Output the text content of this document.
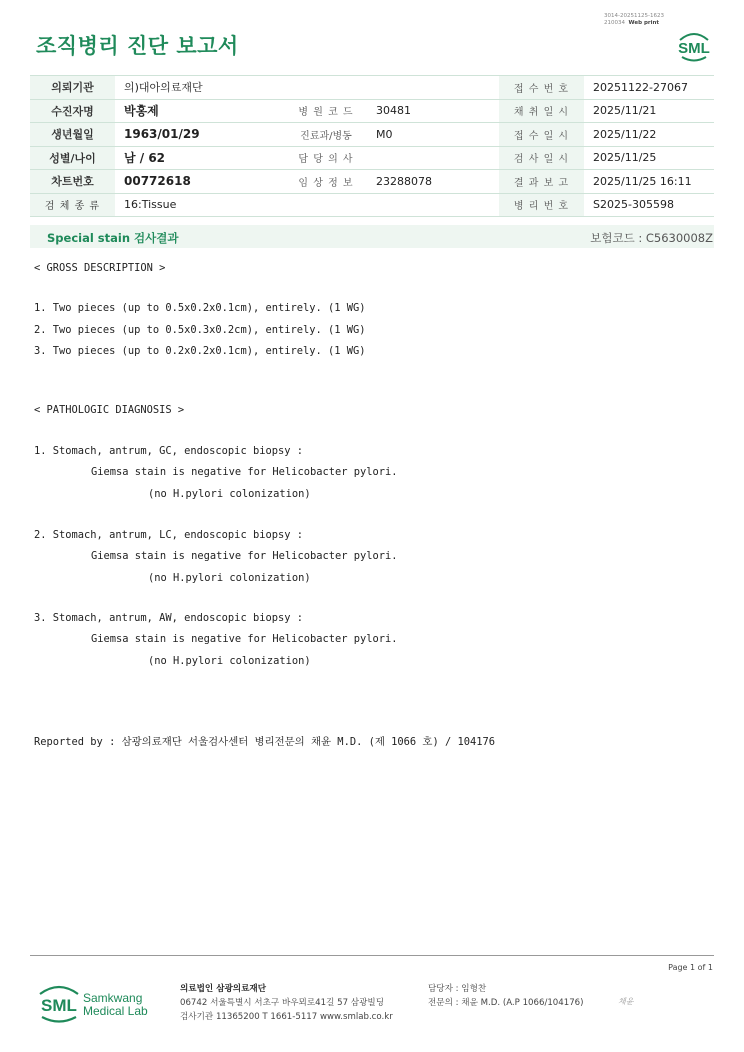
조직병리 진단 보고서
3014-20251125-1623
210034 Web print
SML
의뢰기관	의)대아의료재단			접 수 번 호	20251122-27067
수진자명	박홍제	병 원 코 드	30481	채 취 일 시	2025/11/21
생년월일	1963/01/29	진료과/병동	M0	접 수 일 시	2025/11/22
성별/나이	남 / 62	담 당 의 사		검 사 일 시	2025/11/25
차트번호	00772618	임 상 정 보	23288078	결 과 보 고	2025/11/25 16:11
검 체 종 류	16:Tissue			병 리 번 호	S2025-305598
Special stain 검사결과	보험코드 : C5630008Z
< GROSS DESCRIPTION >
1. Two pieces (up to 0.5x0.2x0.1cm), entirely. (1 WG)
2. Two pieces (up to 0.5x0.3x0.2cm), entirely. (1 WG)
3. Two pieces (up to 0.2x0.2x0.1cm), entirely. (1 WG)
< PATHOLOGIC DIAGNOSIS >
1. Stomach, antrum, GC, endoscopic biopsy :
Giemsa stain is negative for Helicobacter pylori.
(no H.pylori colonization)
2. Stomach, antrum, LC, endoscopic biopsy :
Giemsa stain is negative for Helicobacter pylori.
(no H.pylori colonization)
3. Stomach, antrum, AW, endoscopic biopsy :
Giemsa stain is negative for Helicobacter pylori.
(no H.pylori colonization)
Reported by : 삼광의료재단 서울검사센터 병리전문의 채윤 M.D. (제 1066 호) / 104176
Page 1 of 1
SML Samkwang
Medical Lab
의료법인 삼광의료재단
06742 서울특별시 서초구 바우뫼로41길 57 삼광빌딩
검사기관 11365200 T 1661-5117 www.smlab.co.kr
담당자 : 임형찬
전문의 : 채윤 M.D. (A.P 1066/104176)	채윤
